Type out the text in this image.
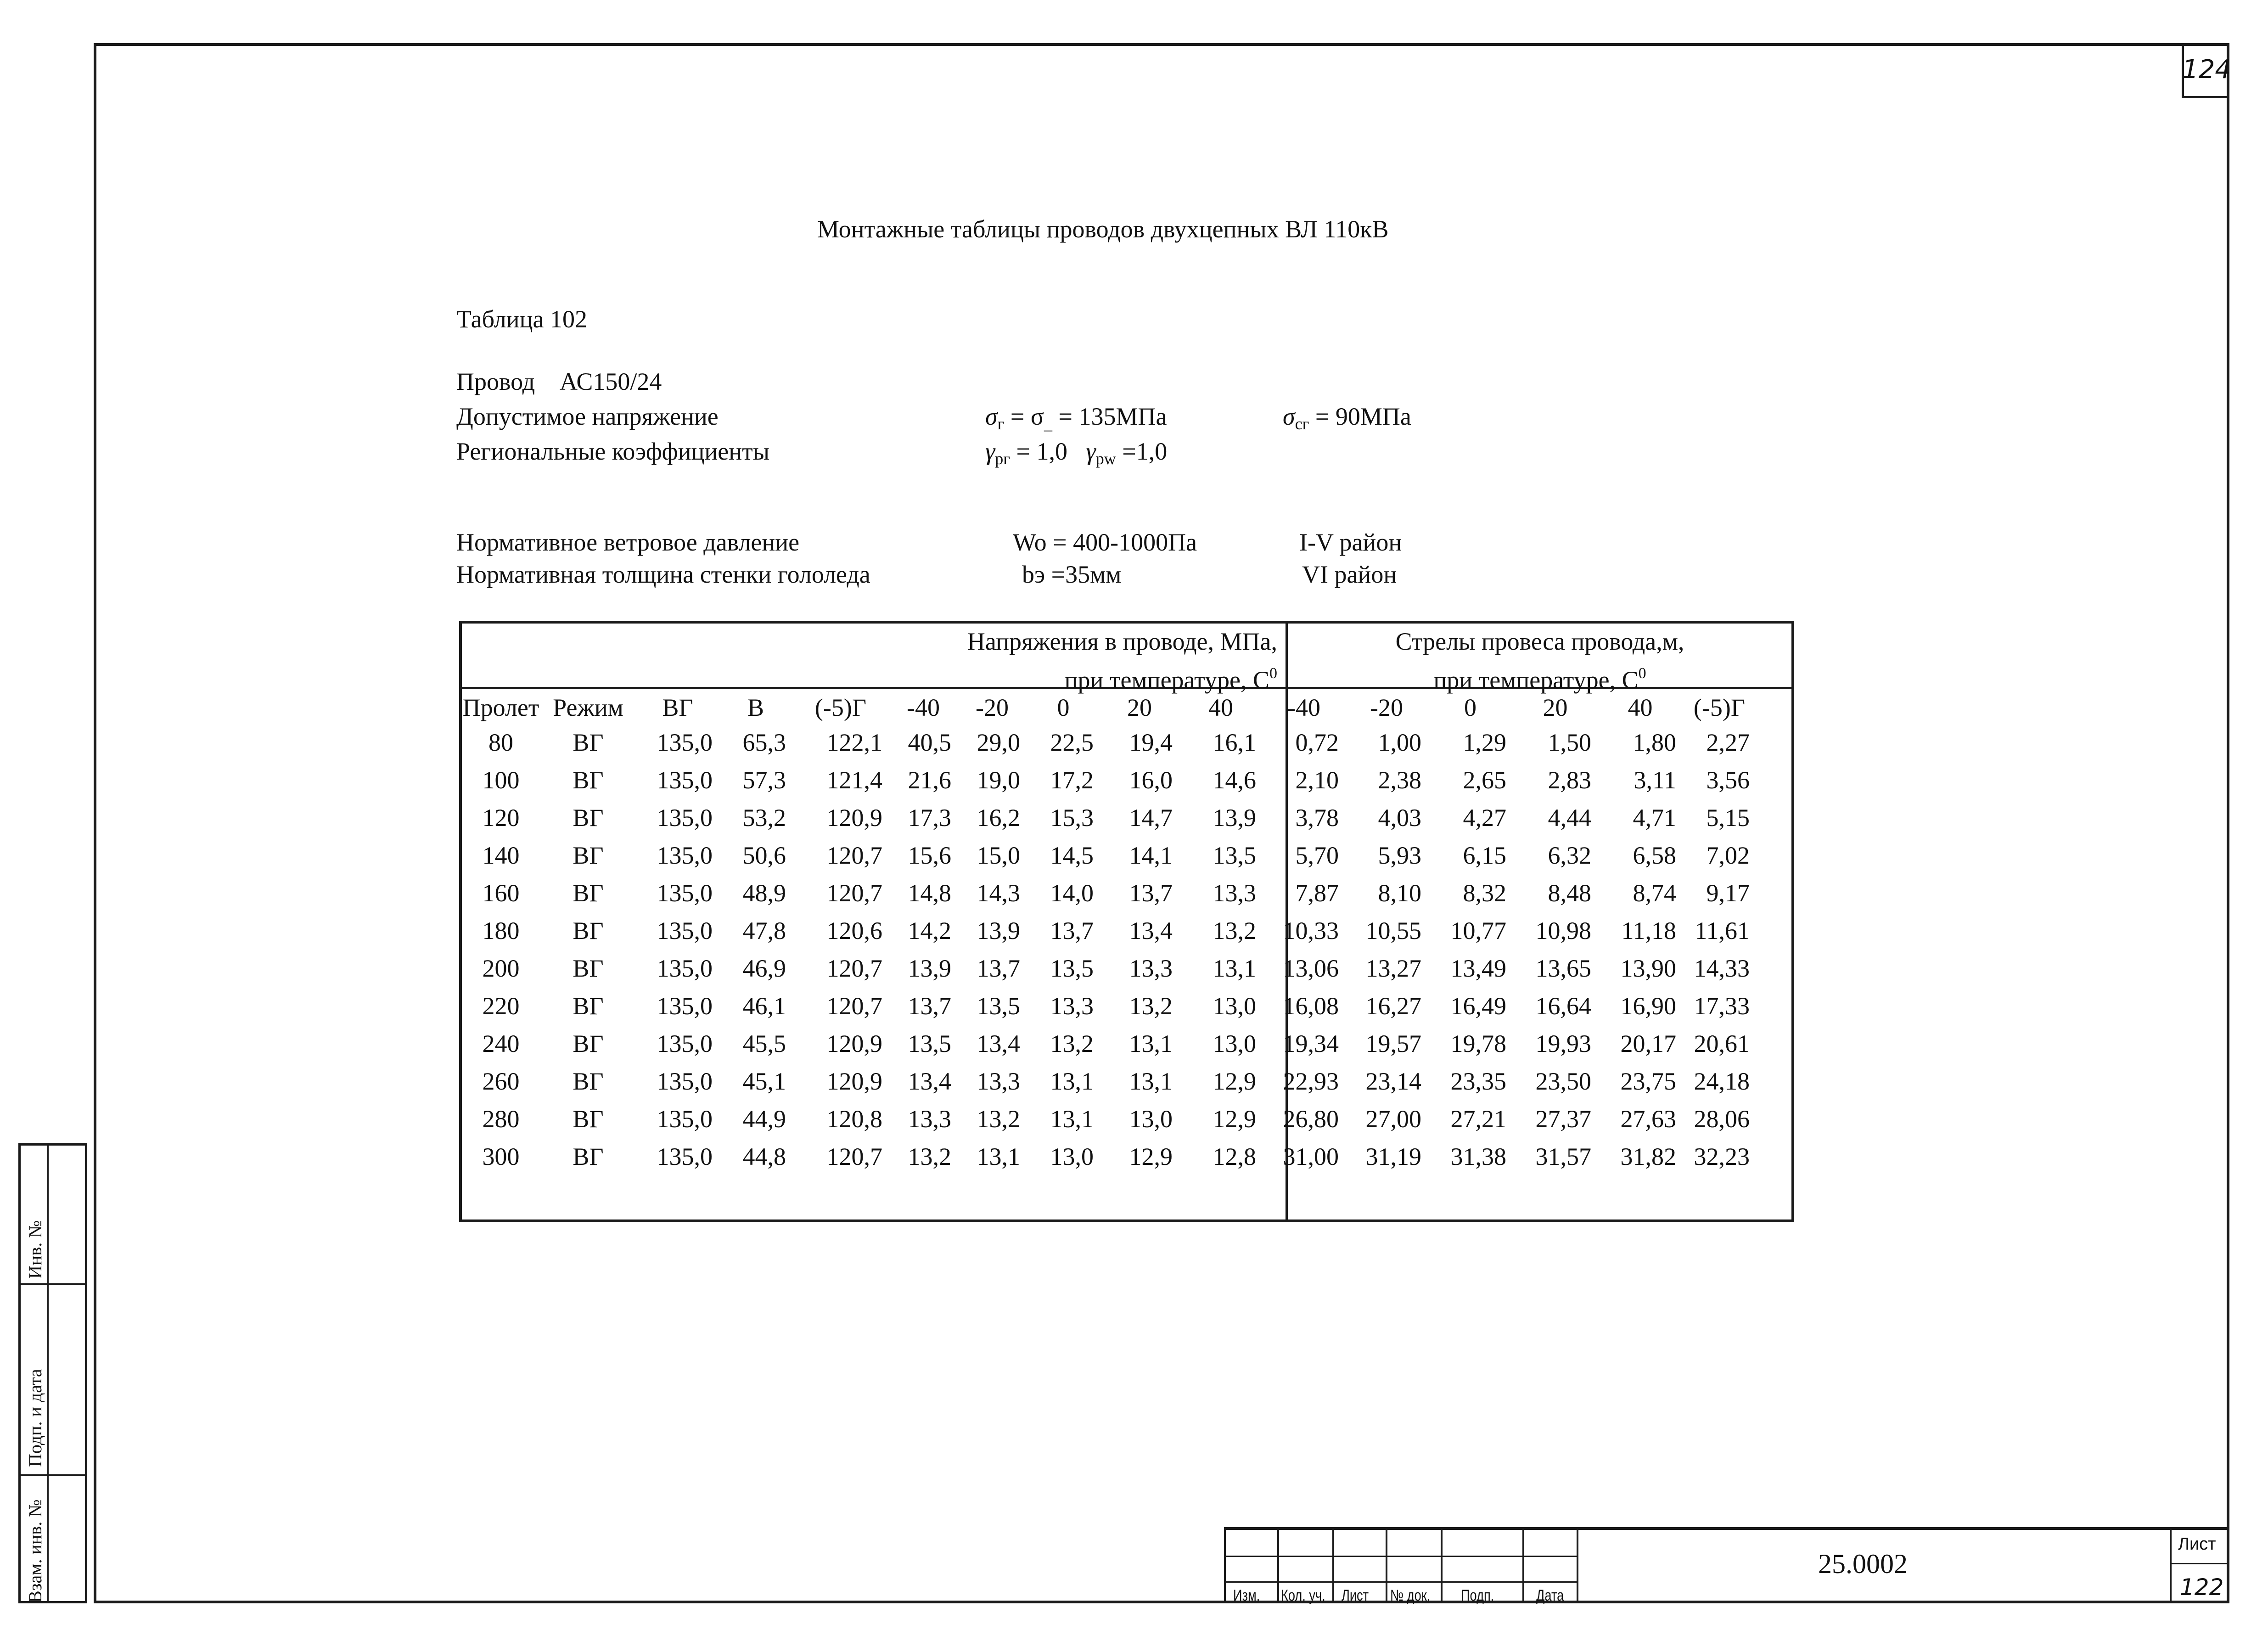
124
Монтажные таблицы проводов двухцепных ВЛ 110кВ
Таблица 102
Провод АС150/24
Допустимое напряжение	$\sigma_г = \sigma_{\_} = 135МПа$	$\sigma_{cг} = 90МПа$
Региональные коэффициенты	$\gamma_{pг} = 1,0$ $\gamma_{pw} =1,0$
Нормативное ветровое давление	Wo = 400-1000Па	I-V район
Нормативная толщина стенки гололеда	bэ =35мм	VI район
Напряжения в проводе, МПа,
при температуре, $C^0$
Стрелы провеса провода,м,
при температуре, $C^0$
Пролет	Режим	ВГ	В	(-5)Г	-40	-20	0	20	40	-40	-20	0	20	40	(-5)Г
80	ВГ	135,0	65,3	122,1	40,5	29,0	22,5	19,4	16,1	0,72	1,00	1,29	1,50	1,80	2,27
100	ВГ	135,0	57,3	121,4	21,6	19,0	17,2	16,0	14,6	2,10	2,38	2,65	2,83	3,11	3,56
120	ВГ	135,0	53,2	120,9	17,3	16,2	15,3	14,7	13,9	3,78	4,03	4,27	4,44	4,71	5,15
140	ВГ	135,0	50,6	120,7	15,6	15,0	14,5	14,1	13,5	5,70	5,93	6,15	6,32	6,58	7,02
160	ВГ	135,0	48,9	120,7	14,8	14,3	14,0	13,7	13,3	7,87	8,10	8,32	8,48	8,74	9,17
180	ВГ	135,0	47,8	120,6	14,2	13,9	13,7	13,4	13,2	10,33	10,55	10,77	10,98	11,18	11,61
200	ВГ	135,0	46,9	120,7	13,9	13,7	13,5	13,3	13,1	13,06	13,27	13,49	13,65	13,90	14,33
220	ВГ	135,0	46,1	120,7	13,7	13,5	13,3	13,2	13,0	16,08	16,27	16,49	16,64	16,90	17,33
240	ВГ	135,0	45,5	120,9	13,5	13,4	13,2	13,1	13,0	19,34	19,57	19,78	19,93	20,17	20,61
260	ВГ	135,0	45,1	120,9	13,4	13,3	13,1	13,1	12,9	22,93	23,14	23,35	23,50	23,75	24,18
280	ВГ	135,0	44,9	120,8	13,3	13,2	13,1	13,0	12,9	26,80	27,00	27,21	27,37	27,63	28,06
300	ВГ	135,0	44,8	120,7	13,2	13,1	13,0	12,9	12,8	31,00	31,19	31,38	31,57	31,82	32,23
Изм. Кол. уч. Лист № док. Подп.	Дата
25.0002
Лист
122
Инв. №
Подп. и дата
Взам. инв. №
